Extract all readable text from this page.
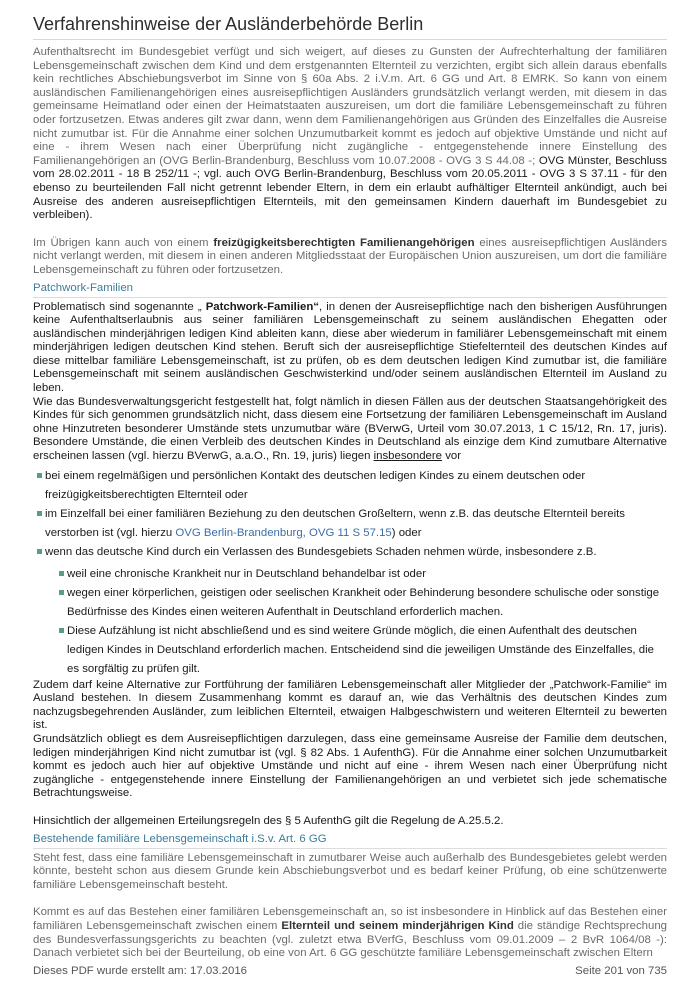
Verfahrenshinweise der Ausländerbehörde Berlin

Aufenthaltsrecht im Bundesgebiet verfügt und sich weigert, auf dieses zu Gunsten der Aufrechterhaltung der familiären Lebensgemeinschaft zwischen dem Kind und dem erstgenannten Elternteil zu verzichten, ergibt sich allein daraus ebenfalls kein rechtliches Abschiebungsverbot im Sinne von § 60a Abs. 2 i.V.m. Art. 6 GG und Art. 8 EMRK. So kann von einem ausländischen Familienangehörigen eines ausreisepflichtigen Ausländers grundsätzlich verlangt werden, mit diesem in das gemeinsame Heimatland oder einen der Heimatstaaten auszureisen, um dort die familiäre Lebensgemeinschaft zu führen oder fortzusetzen. Etwas anderes gilt zwar dann, wenn dem Familienangehörigen aus Gründen des Einzelfalles die Ausreise nicht zumutbar ist. Für die Annahme einer solchen Unzumutbarkeit kommt es jedoch auf objektive Umstände und nicht auf eine - ihrem Wesen nach einer Überprüfung nicht zugängliche - entgegenstehende innere Einstellung des Familienangehörigen an (OVG Berlin-Brandenburg, Beschluss vom 10.07.2008 - OVG 3 S 44.08 -; OVG Münster, Beschluss vom 28.02.2011 - 18 B 252/11 -; vgl. auch OVG Berlin-Brandenburg, Beschluss vom 20.05.2011 - OVG 3 S 37.11 - für den ebenso zu beurteilenden Fall nicht getrennt lebender Eltern, in dem ein erlaubt aufhältiger Elternteil ankündigt, auch bei Ausreise des anderen ausreisepflichtigen Elternteils, mit den gemeinsamen Kindern dauerhaft im Bundesgebiet zu verbleiben).

Im Übrigen kann auch von einem freizügigkeitsberechtigten Familienangehörigen eines ausreisepflichtigen Ausländers nicht verlangt werden, mit diesem in einen anderen Mitgliedsstaat der Europäischen Union auszureisen, um dort die familiäre Lebensgemeinschaft zu führen oder fortzusetzen.

Patchwork-Familien

Problematisch sind sogenannte „ Patchwork-Familien“, in denen der Ausreisepflichtige nach den bisherigen Ausführungen keine Aufenthaltserlaubnis aus seiner familiären Lebensgemeinschaft zu seinem ausländischen Ehegatten oder ausländischen minderjährigen ledigen Kind ableiten kann, diese aber wiederum in familiärer Lebensgemeinschaft mit einem minderjährigen ledigen deutschen Kind stehen. Beruft sich der ausreisepflichtige Stiefelternteil des deutschen Kindes auf diese mittelbar familiäre Lebensgemeinschaft, ist zu prüfen, ob es dem deutschen ledigen Kind zumutbar ist, die familiäre Lebensgemeinschaft mit seinem ausländischen Geschwisterkind und/oder seinem ausländischen Elternteil im Ausland zu leben.

Wie das Bundesverwaltungsgericht festgestellt hat, folgt nämlich in diesen Fällen aus der deutschen Staatsangehörigkeit des Kindes für sich genommen grundsätzlich nicht, dass diesem eine Fortsetzung der familiären Lebensgemeinschaft im Ausland ohne Hinzutreten besonderer Umstände stets unzumutbar wäre (BVerwG, Urteil vom 30.07.2013, 1 C 15/12, Rn. 17, juris). Besondere Umstände, die einen Verbleib des deutschen Kindes in Deutschland als einzige dem Kind zumutbare Alternative erscheinen lassen (vgl. hierzu BVerwG, a.a.O., Rn. 19, juris) liegen insbesondere vor

bei einem regelmäßigen und persönlichen Kontakt des deutschen ledigen Kindes zu einem deutschen oder freizügigkeitsberechtigten Elternteil oder
im Einzelfall bei einer familiären Beziehung zu den deutschen Großeltern, wenn z.B. das deutsche Elternteil bereits verstorben ist (vgl. hierzu OVG Berlin-Brandenburg, OVG 11 S 57.15) oder
wenn das deutsche Kind durch ein Verlassen des Bundesgebiets Schaden nehmen würde, insbesondere z.B.
weil eine chronische Krankheit nur in Deutschland behandelbar ist oder
wegen einer körperlichen, geistigen oder seelischen Krankheit oder Behinderung besondere schulische oder sonstige Bedürfnisse des Kindes einen weiteren Aufenthalt in Deutschland erforderlich machen.
Diese Aufzählung ist nicht abschließend und es sind weitere Gründe möglich, die einen Aufenthalt des deutschen ledigen Kindes in Deutschland erforderlich machen. Entscheidend sind die jeweiligen Umstände des Einzelfalles, die es sorgfältig zu prüfen gilt.

Zudem darf keine Alternative zur Fortführung der familiären Lebensgemeinschaft aller Mitglieder der „Patchwork-Familie“ im Ausland bestehen. In diesem Zusammenhang kommt es darauf an, wie das Verhältnis des deutschen Kindes zum nachzugsbegehrenden Ausländer, zum leiblichen Elternteil, etwaigen Halbgeschwistern und weiteren Elternteil zu bewerten ist.

Grundsätzlich obliegt es dem Ausreisepflichtigen darzulegen, dass eine gemeinsame Ausreise der Familie dem deutschen, ledigen minderjährigen Kind nicht zumutbar ist (vgl. § 82 Abs. 1 AufenthG). Für die Annahme einer solchen Unzumutbarkeit kommt es jedoch auch hier auf objektive Umstände und nicht auf eine - ihrem Wesen nach einer Überprüfung nicht zugängliche - entgegenstehende innere Einstellung der Familienangehörigen an und verbietet sich jede schematische Betrachtungsweise.

Hinsichtlich der allgemeinen Erteilungsregeln des § 5 AufenthG gilt die Regelung de A.25.5.2.

Bestehende familiäre Lebensgemeinschaft i.S.v. Art. 6 GG

Steht fest, dass eine familiäre Lebensgemeinschaft in zumutbarer Weise auch außerhalb des Bundesgebietes gelebt werden könnte, besteht schon aus diesem Grunde kein Abschiebungsverbot und es bedarf keiner Prüfung, ob eine schützenwerte familiäre Lebensgemeinschaft besteht.

Kommt es auf das Bestehen einer familiären Lebensgemeinschaft an, so ist insbesondere in Hinblick auf das Bestehen einer familiären Lebensgemeinschaft zwischen einem Elternteil und seinem minderjährigen Kind die ständige Rechtsprechung des Bundesverfassungsgerichts zu beachten (vgl. zuletzt etwa BVerfG, Beschluss vom 09.01.2009 – 2 BvR 1064/08 -): Danach verbietet sich bei der Beurteilung, ob eine von Art. 6 GG geschützte familiäre Lebensgemeinschaft zwischen Eltern

Dieses PDF wurde erstellt am: 17.03.2016	Seite 201 von 735
